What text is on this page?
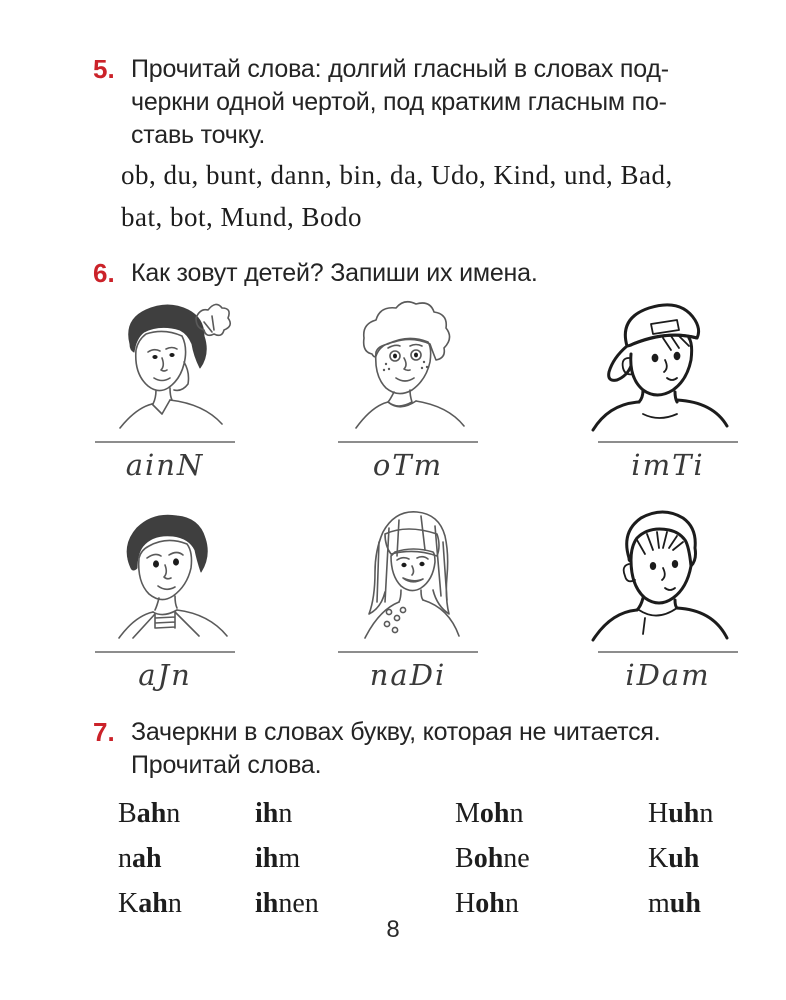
5. Прочитай слова: долгий гласный в словах под-
черкни одной чертой, под кратким гласным по-
ставь точку.
ob, du, bunt, dann, bin, da, Udo, Kind, und, Bad,
bat, bot, Mund, Bodo
6. Как зовут детей? Запиши их имена.
ainN	oTm	imTi
aJn	naDi	iDam
7. Зачеркни в словах букву, которая не читается.
Прочитай слова.
Bahn	ihn	Mohn	Huhn
nah	ihm	Bohne	Kuh
Kahn	ihnen	Hohn	muh
8
